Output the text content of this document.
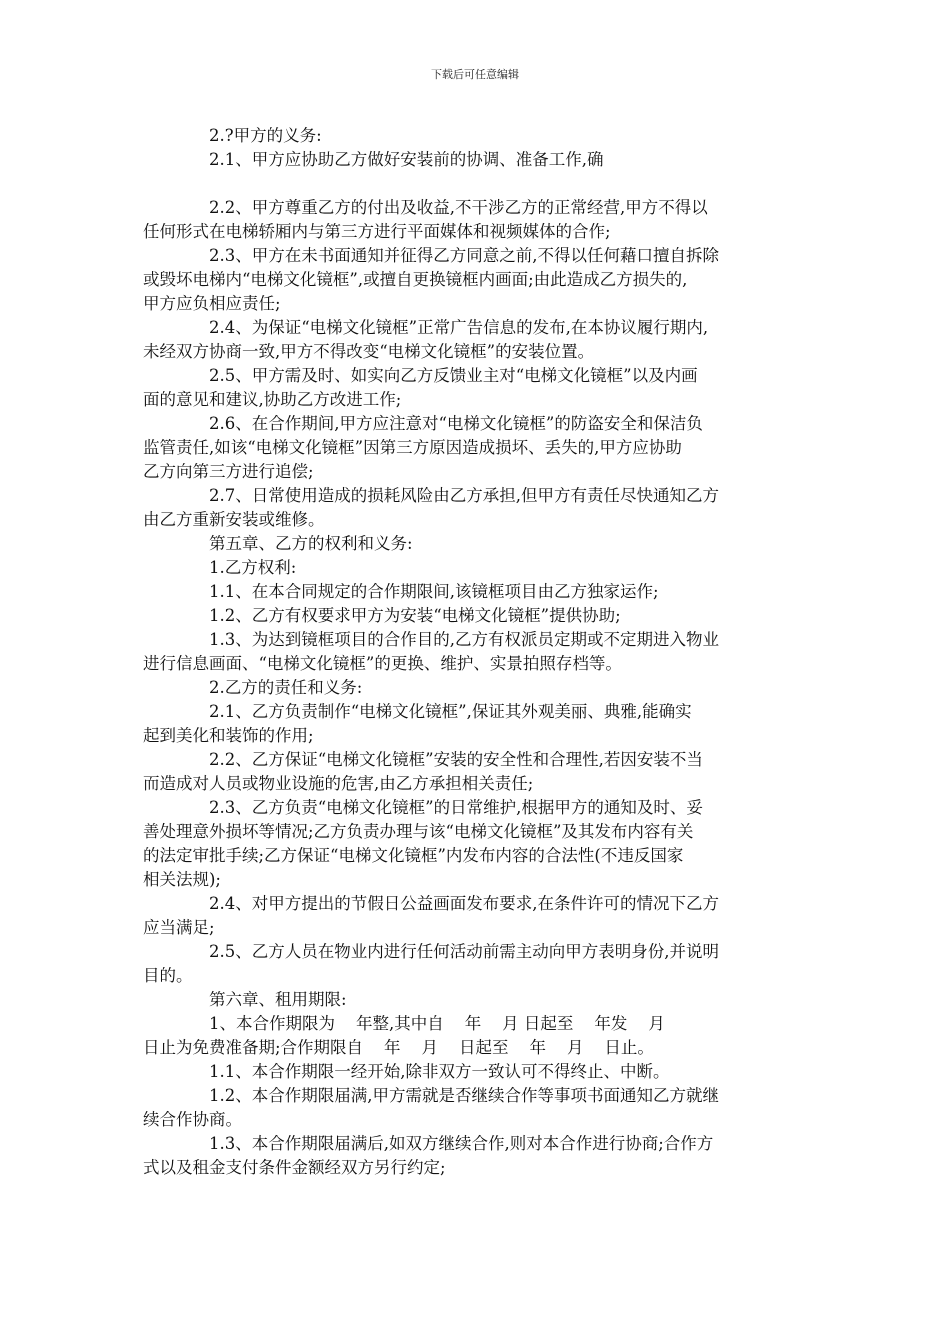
下载后可任意编辑
2.?甲方的义务:
2.1、甲方应协助乙方做好安装前的协调、准备工作,确
2.2、甲方尊重乙方的付出及收益,不干涉乙方的正常经营,甲方不得以
任何形式在电梯轿厢内与第三方进行平面媒体和视频媒体的合作;
2.3、甲方在未书面通知并征得乙方同意之前,不得以任何藉口擅自拆除
或毁坏电梯内“电梯文化镜框”,或擅自更换镜框内画面;由此造成乙方损失的,
甲方应负相应责任;
2.4、为保证“电梯文化镜框”正常广告信息的发布,在本协议履行期内,
未经双方协商一致,甲方不得改变“电梯文化镜框”的安装位置。
2.5、甲方需及时、如实向乙方反馈业主对“电梯文化镜框”以及内画
面的意见和建议,协助乙方改进工作;
2.6、在合作期间,甲方应注意对“电梯文化镜框”的防盗安全和保洁负
监管责任,如该“电梯文化镜框”因第三方原因造成损坏、丢失的,甲方应协助
乙方向第三方进行追偿;
2.7、日常使用造成的损耗风险由乙方承担,但甲方有责任尽快通知乙方
由乙方重新安装或维修。
第五章、乙方的权利和义务:
1.乙方权利:
1.1、在本合同规定的合作期限间,该镜框项目由乙方独家运作;
1.2、乙方有权要求甲方为安装“电梯文化镜框”提供协助;
1.3、为达到镜框项目的合作目的,乙方有权派员定期或不定期进入物业
进行信息画面、“电梯文化镜框”的更换、维护、实景拍照存档等。
2.乙方的责任和义务:
2.1、乙方负责制作“电梯文化镜框”,保证其外观美丽、典雅,能确实
起到美化和装饰的作用;
2.2、乙方保证“电梯文化镜框”安装的安全性和合理性,若因安装不当
而造成对人员或物业设施的危害,由乙方承担相关责任;
2.3、乙方负责“电梯文化镜框”的日常维护,根据甲方的通知及时、妥
善处理意外损坏等情况;乙方负责办理与该“电梯文化镜框”及其发布内容有关
的法定审批手续;乙方保证“电梯文化镜框”内发布内容的合法性(不违反国家
相关法规);
2.4、对甲方提出的节假日公益画面发布要求,在条件许可的情况下乙方
应当满足;
2.5、乙方人员在物业内进行任何活动前需主动向甲方表明身份,并说明
目的。
第六章、租用期限:
1、本合作期限为    年整,其中自    年    月 日起至    年发    月
日止为免费准备期;合作期限自    年    月    日起至    年    月    日止。
1.1、本合作期限一经开始,除非双方一致认可不得终止、中断。
1.2、本合作期限届满,甲方需就是否继续合作等事项书面通知乙方就继
续合作协商。
1.3、本合作期限届满后,如双方继续合作,则对本合作进行协商;合作方
式以及租金支付条件金额经双方另行约定;
